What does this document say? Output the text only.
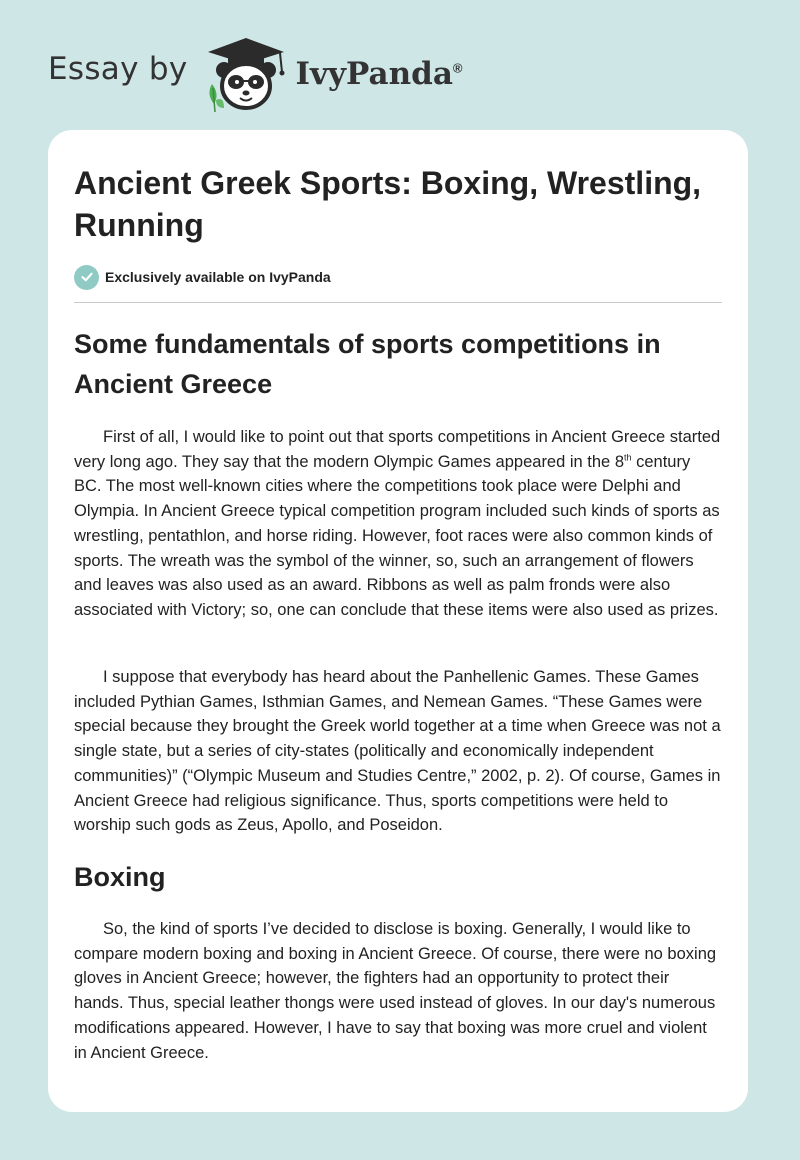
Essay by	IvyPanda®
Ancient Greek Sports: Boxing, Wrestling, Running
Exclusively available on IvyPanda
Some fundamentals of sports competitions in Ancient Greece

First of all, I would like to point out that sports competitions in Ancient Greece started very long ago. They say that the modern Olympic Games appeared in the 8th century BC. The most well-known cities where the competitions took place were Delphi and Olympia. In Ancient Greece typical competition program included such kinds of sports as wrestling, pentathlon, and horse riding. However, foot races were also common kinds of sports. The wreath was the symbol of the winner, so, such an arrangement of flowers and leaves was also used as an award. Ribbons as well as palm fronds were also associated with Victory; so, one can conclude that these items were also used as prizes.

I suppose that everybody has heard about the Panhellenic Games. These Games included Pythian Games, Isthmian Games, and Nemean Games. “These Games were special because they brought the Greek world together at a time when Greece was not a single state, but a series of city-states (politically and economically independent communities)” (“Olympic Museum and Studies Centre,” 2002, p. 2). Of course, Games in Ancient Greece had religious significance. Thus, sports competitions were held to worship such gods as Zeus, Apollo, and Poseidon.

Boxing

So, the kind of sports I’ve decided to disclose is boxing. Generally, I would like to compare modern boxing and boxing in Ancient Greece. Of course, there were no boxing gloves in Ancient Greece; however, the fighters had an opportunity to protect their hands. Thus, special leather thongs were used instead of gloves. In our day's numerous modifications appeared. However, I have to say that boxing was more cruel and violent in Ancient Greece.
